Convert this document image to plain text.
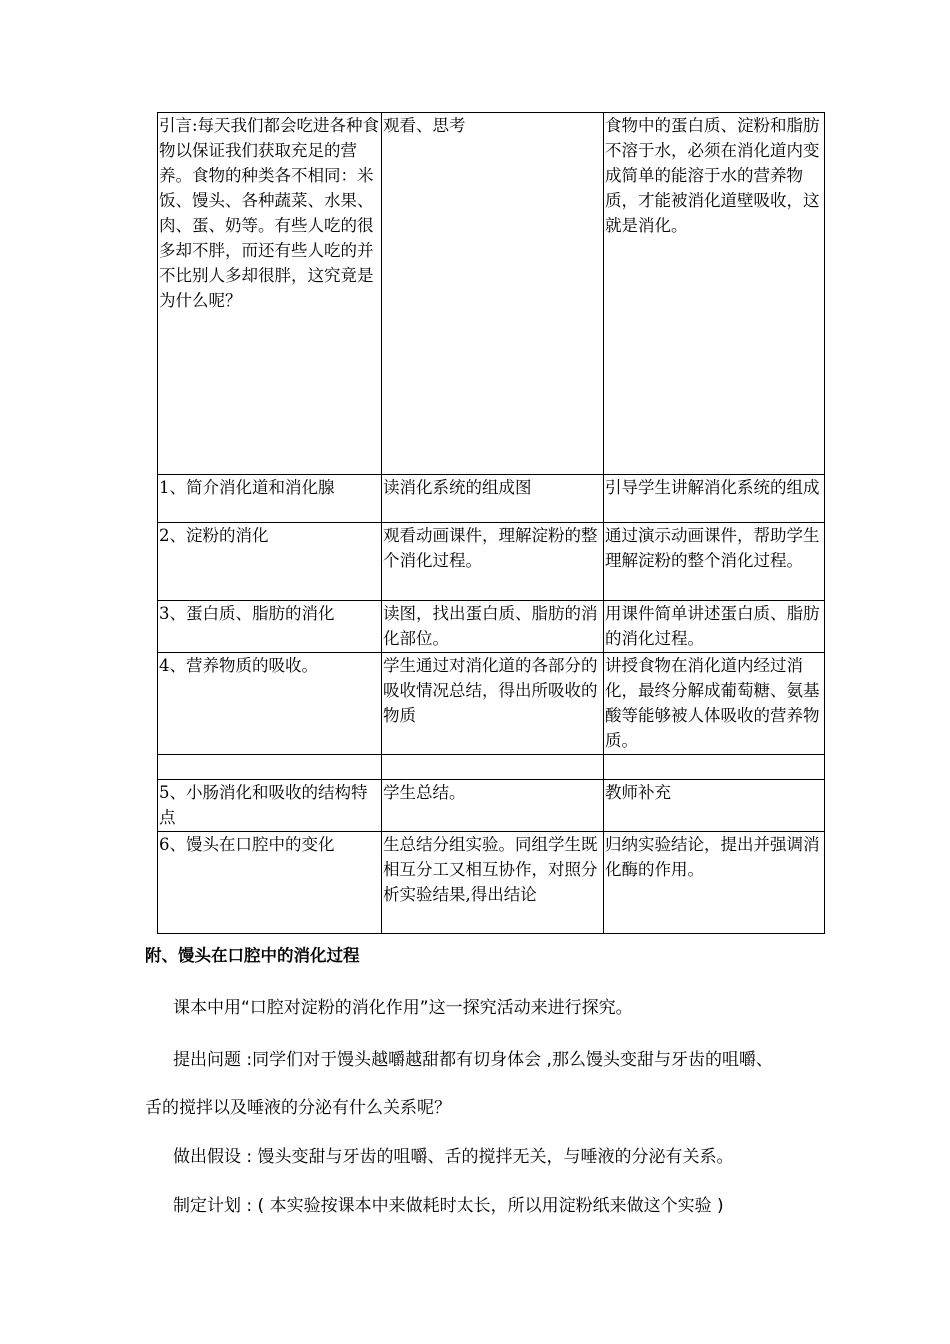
引言:每天我们都会吃进各种食物以保证我们获取充足的营养。食物的种类各不相同：米饭、馒头、各种蔬菜、水果、肉、蛋、奶等。有些人吃的很多却不胖，而还有些人吃的并不比别人多却很胖，这究竟是为什么呢？	观看、思考	食物中的蛋白质、淀粉和脂肪不溶于水，必须在消化道内变成简单的能溶于水的营养物质，才能被消化道壁吸收，这就是消化。
1、简介消化道和消化腺	读消化系统的组成图	引导学生讲解消化系统的组成
2、淀粉的消化	观看动画课件，理解淀粉的整个消化过程。	通过演示动画课件，帮助学生理解淀粉的整个消化过程。
3、蛋白质、脂肪的消化	读图，找出蛋白质、脂肪的消化部位。	用课件简单讲述蛋白质、脂肪的消化过程。
4、营养物质的吸收。	学生通过对消化道的各部分的吸收情况总结，得出所吸收的物质	讲授食物在消化道内经过消化，最终分解成葡萄糖、氨基酸等能够被人体吸收的营养物质。

5、小肠消化和吸收的结构特点	学生总结。	教师补充
6、馒头在口腔中的变化	生总结分组实验。同组学生既相互分工又相互协作，对照分析实验结果,得出结论	归纳实验结论，提出并强调消化酶的作用。
附、馒头在口腔中的消化过程
课本中用“口腔对淀粉的消化作用”这一探究活动来进行探究。
提出问题 :同学们对于馒头越嚼越甜都有切身体会 ,那么馒头变甜与牙齿的咀嚼、
舌的搅拌以及唾液的分泌有什么关系呢？
做出假设 : 馒头变甜与牙齿的咀嚼、舌的搅拌无关，与唾液的分泌有关系。
制定计划 : ( 本实验按课本中来做耗时太长，所以用淀粉纸来做这个实验 )
